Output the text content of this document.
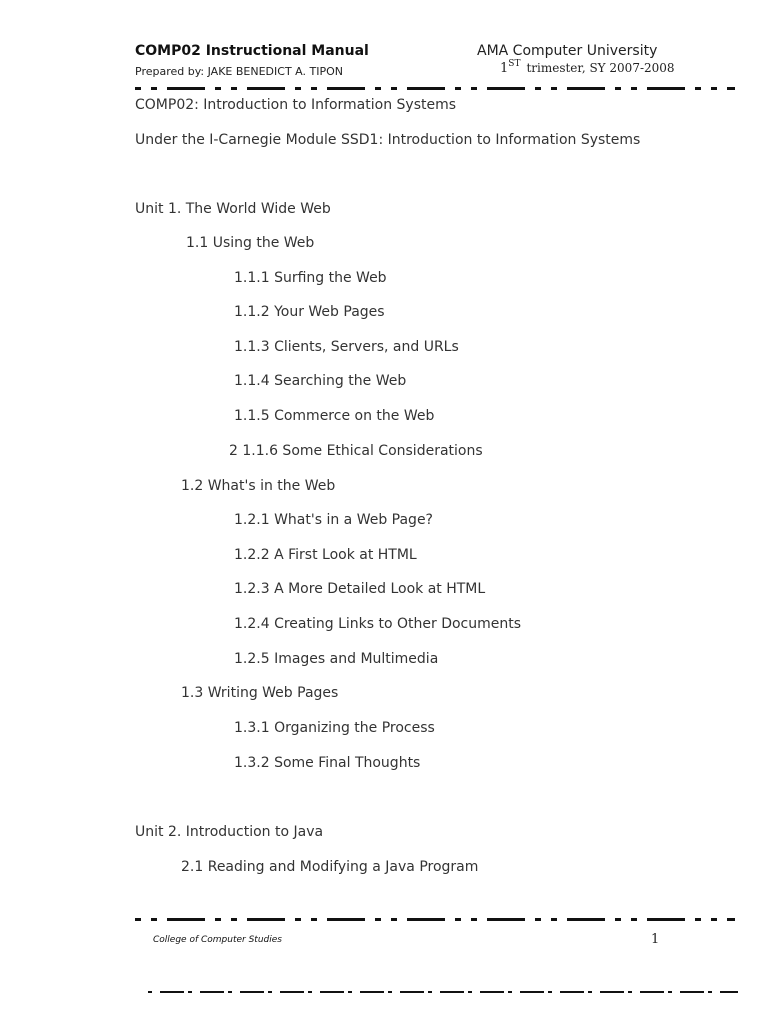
COMP02 Instructional Manual
Prepared by: JAKE BENEDICT A. TIPON
AMA Computer University
1ST trimester, SY 2007-2008
COMP02: Introduction to Information Systems
Under the I-Carnegie Module SSD1: Introduction to Information Systems
Unit 1. The World Wide Web
1.1 Using the Web
1.1.1 Surfing the Web
1.1.2 Your Web Pages
1.1.3 Clients, Servers, and URLs
1.1.4 Searching the Web
1.1.5 Commerce on the Web
2 1.1.6 Some Ethical Considerations
1.2 What's in the Web
1.2.1 What's in a Web Page?
1.2.2 A First Look at HTML
1.2.3 A More Detailed Look at HTML
1.2.4 Creating Links to Other Documents
1.2.5 Images and Multimedia
1.3 Writing Web Pages
1.3.1 Organizing the Process
1.3.2 Some Final Thoughts
Unit 2. Introduction to Java
2.1 Reading and Modifying a Java Program
College of Computer Studies	1
